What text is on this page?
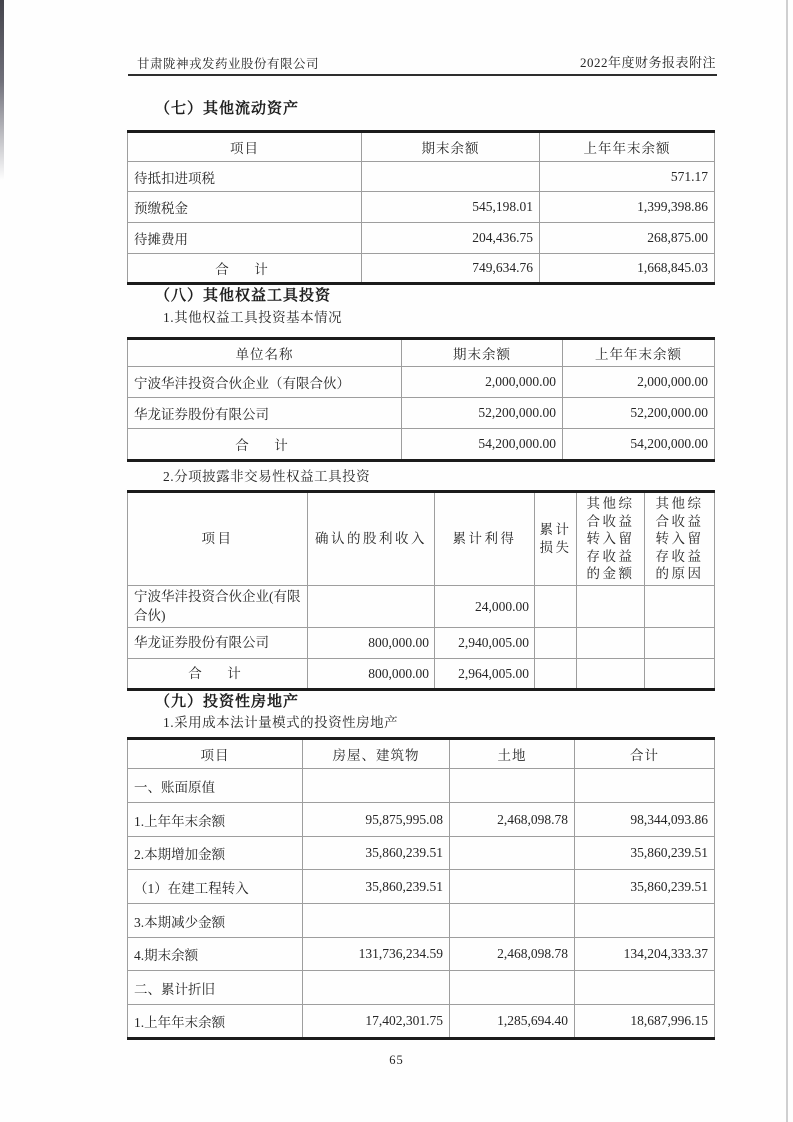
甘肃陇神戎发药业股份有限公司	2022年度财务报表附注
（七）其他流动资产
项目	期末余额	上年年末余额
待抵扣进项税		571.17
预缴税金	545,198.01	1,399,398.86
待摊费用	204,436.75	268,875.00
合　计	749,634.76	1,668,845.03
（八）其他权益工具投资

1.其他权益工具投资基本情况

单位名称	期末余额	上年年末余额
宁波华沣投资合伙企业（有限合伙）	2,000,000.00	2,000,000.00
华龙证券股份有限公司	52,200,000.00	52,200,000.00
合　计	54,200,000.00	54,200,000.00

2.分项披露非交易性权益工具投资

项目	确认的股利收入	累计利得	累计损失	其他综合收益转入留存收益的金额	其他综合收益转入留存收益的原因
宁波华沣投资合伙企业(有限合伙)		24,000.00			
华龙证券股份有限公司	800,000.00	2,940,005.00			
合　计	800,000.00	2,964,005.00			
（九）投资性房地产

1.采用成本法计量模式的投资性房地产

项目	房屋、建筑物	土地	合计
一、账面原值			
1.上年年末余额	95,875,995.08	2,468,098.78	98,344,093.86
2.本期增加金额	35,860,239.51		35,860,239.51
（1）在建工程转入	35,860,239.51		35,860,239.51
3.本期减少金额			
4.期末余额	131,736,234.59	2,468,098.78	134,204,333.37
二、累计折旧			
1.上年年末余额	17,402,301.75	1,285,694.40	18,687,996.15
65
